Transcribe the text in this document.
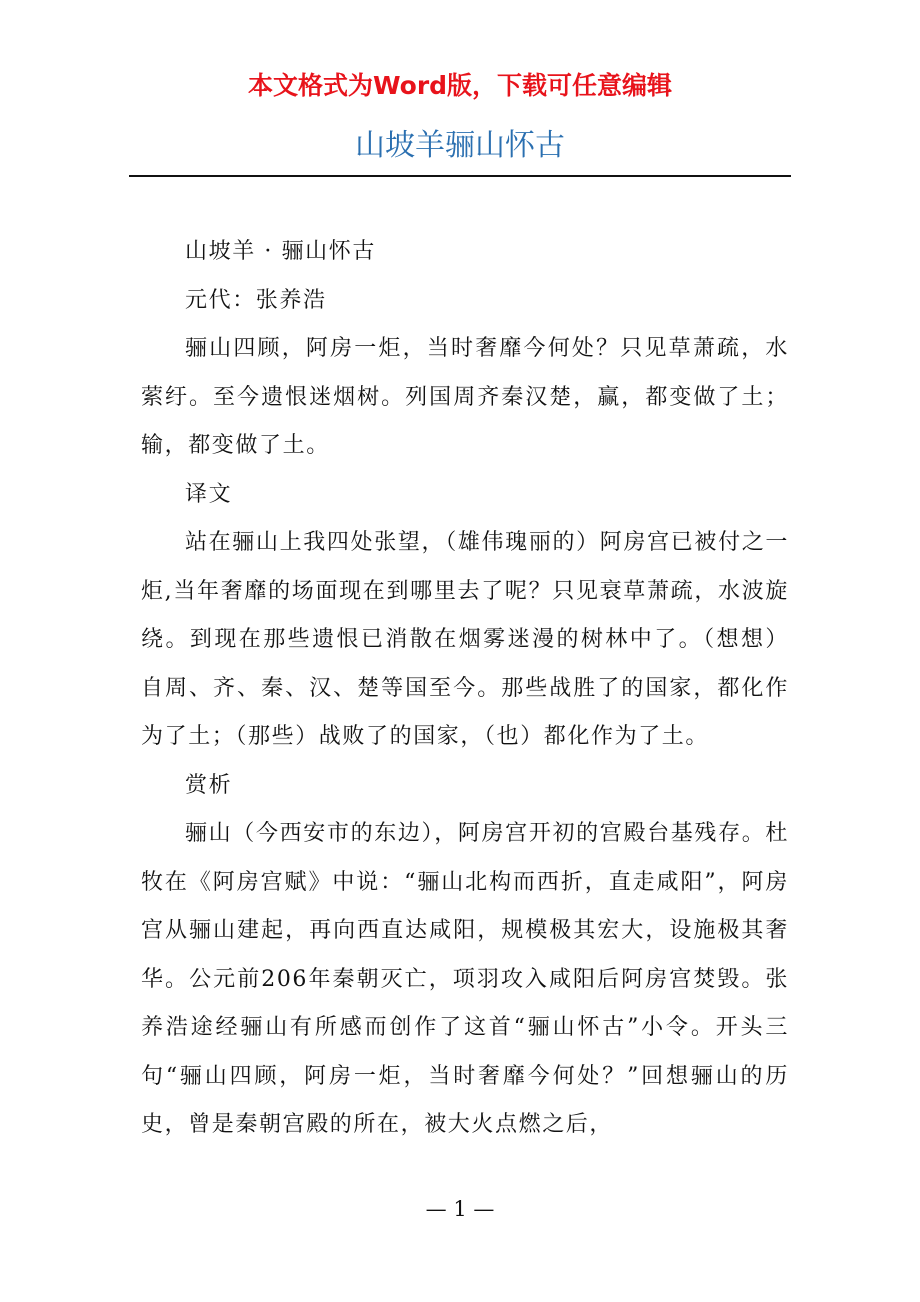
本文格式为Word版，下载可任意编辑
山坡羊骊山怀古

山坡羊 · 骊山怀古

元代：张养浩

骊山四顾，阿房一炬，当时奢靡今何处？只见草萧疏，水萦纡。至今遗恨迷烟树。列国周齐秦汉楚，赢，都变做了土；输，都变做了土。

译文

站在骊山上我四处张望，（雄伟瑰丽的）阿房宫已被付之一炬,当年奢靡的场面现在到哪里去了呢？只见衰草萧疏，水波旋绕。到现在那些遗恨已消散在烟雾迷漫的树林中了。（想想）自周、齐、秦、汉、楚等国至今。那些战胜了的国家，都化作为了土；（那些）战败了的国家，（也）都化作为了土。

赏析

骊山（今西安市的东边），阿房宫开初的宫殿台基残存。杜牧在《阿房宫赋》中说：“骊山北构而西折，直走咸阳”，阿房宫从骊山建起，再向西直达咸阳，规模极其宏大，设施极其奢华。公元前206年秦朝灭亡，项羽攻入咸阳后阿房宫焚毁。张养浩途经骊山有所感而创作了这首“骊山怀古”小令。开头三句“骊山四顾，阿房一炬，当时奢靡今何处？”回想骊山的历史，曾是秦朝宫殿的所在，被大火点燃之后，

— 1 —
